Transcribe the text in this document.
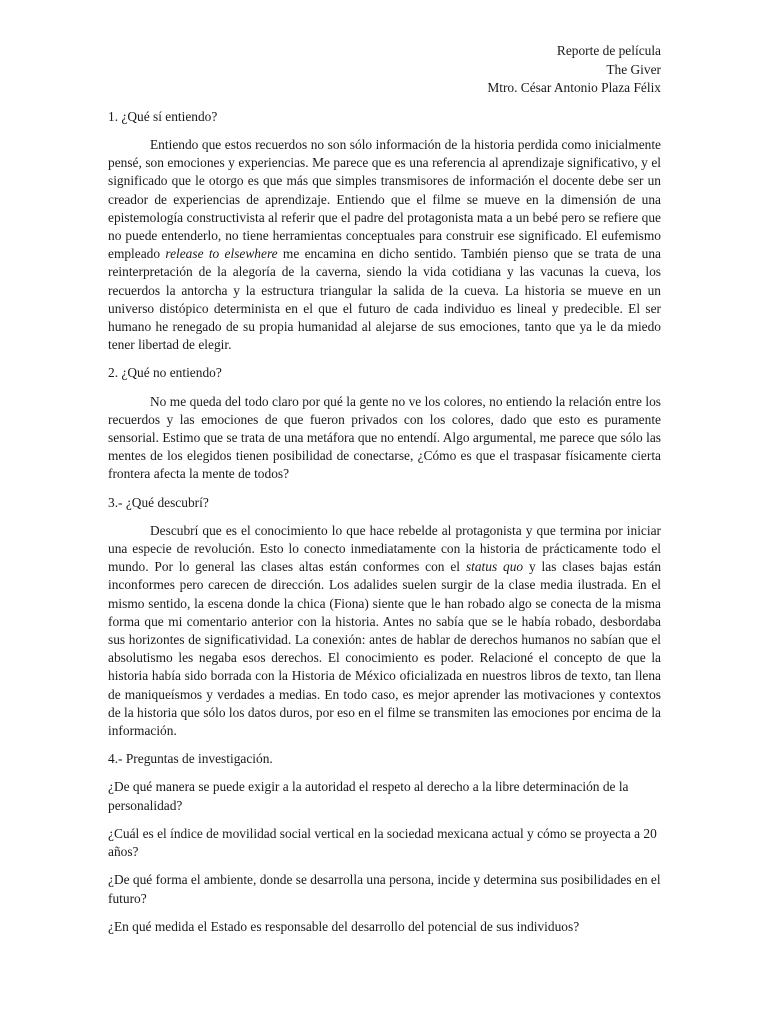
Reporte de película
The Giver
Mtro. César Antonio Plaza Félix
1. ¿Qué sí entiendo?
Entiendo que estos recuerdos no son sólo información de la historia perdida como inicialmente pensé, son emociones y experiencias. Me parece que es una referencia al aprendizaje significativo, y el significado que le otorgo es que más que simples transmisores de información el docente debe ser un creador de experiencias de aprendizaje. Entiendo que el filme se mueve en la dimensión de una epistemología constructivista al referir que el padre del protagonista mata a un bebé pero se refiere que no puede entenderlo, no tiene herramientas conceptuales para construir ese significado. El eufemismo empleado release to elsewhere me encamina en dicho sentido. También pienso que se trata de una reinterpretación de la alegoría de la caverna, siendo la vida cotidiana y las vacunas la cueva, los recuerdos la antorcha y la estructura triangular la salida de la cueva. La historia se mueve en un universo distópico determinista en el que el futuro de cada individuo es lineal y predecible. El ser humano he renegado de su propia humanidad al alejarse de sus emociones, tanto que ya le da miedo tener libertad de elegir.
2. ¿Qué no entiendo?
No me queda del todo claro por qué la gente no ve los colores, no entiendo la relación entre los recuerdos y las emociones de que fueron privados con los colores, dado que esto es puramente sensorial. Estimo que se trata de una metáfora que no entendí. Algo argumental, me parece que sólo las mentes de los elegidos tienen posibilidad de conectarse, ¿Cómo es que el traspasar físicamente cierta frontera afecta la mente de todos?
3.- ¿Qué descubrí?
Descubrí que es el conocimiento lo que hace rebelde al protagonista y que termina por iniciar una especie de revolución. Esto lo conecto inmediatamente con la historia de prácticamente todo el mundo. Por lo general las clases altas están conformes con el status quo y las clases bajas están inconformes pero carecen de dirección. Los adalides suelen surgir de la clase media ilustrada. En el mismo sentido, la escena donde la chica (Fiona) siente que le han robado algo se conecta de la misma forma que mi comentario anterior con la historia. Antes no sabía que se le había robado, desbordaba sus horizontes de significatividad. La conexión: antes de hablar de derechos humanos no sabían que el absolutismo les negaba esos derechos. El conocimiento es poder. Relacioné el concepto de que la historia había sido borrada con la Historia de México oficializada en nuestros libros de texto, tan llena de maniqueísmos y verdades a medias. En todo caso, es mejor aprender las motivaciones y contextos de la historia que sólo los datos duros, por eso en el filme se transmiten las emociones por encima de la información.
4.- Preguntas de investigación.
¿De qué manera se puede exigir a la autoridad el respeto al derecho a la libre determinación de la personalidad?
¿Cuál es el índice de movilidad social vertical en la sociedad mexicana actual y cómo se proyecta a 20 años?
¿De qué forma el ambiente, donde se desarrolla una persona, incide y determina sus posibilidades en el futuro?
¿En qué medida el Estado es responsable del desarrollo del potencial de sus individuos?
